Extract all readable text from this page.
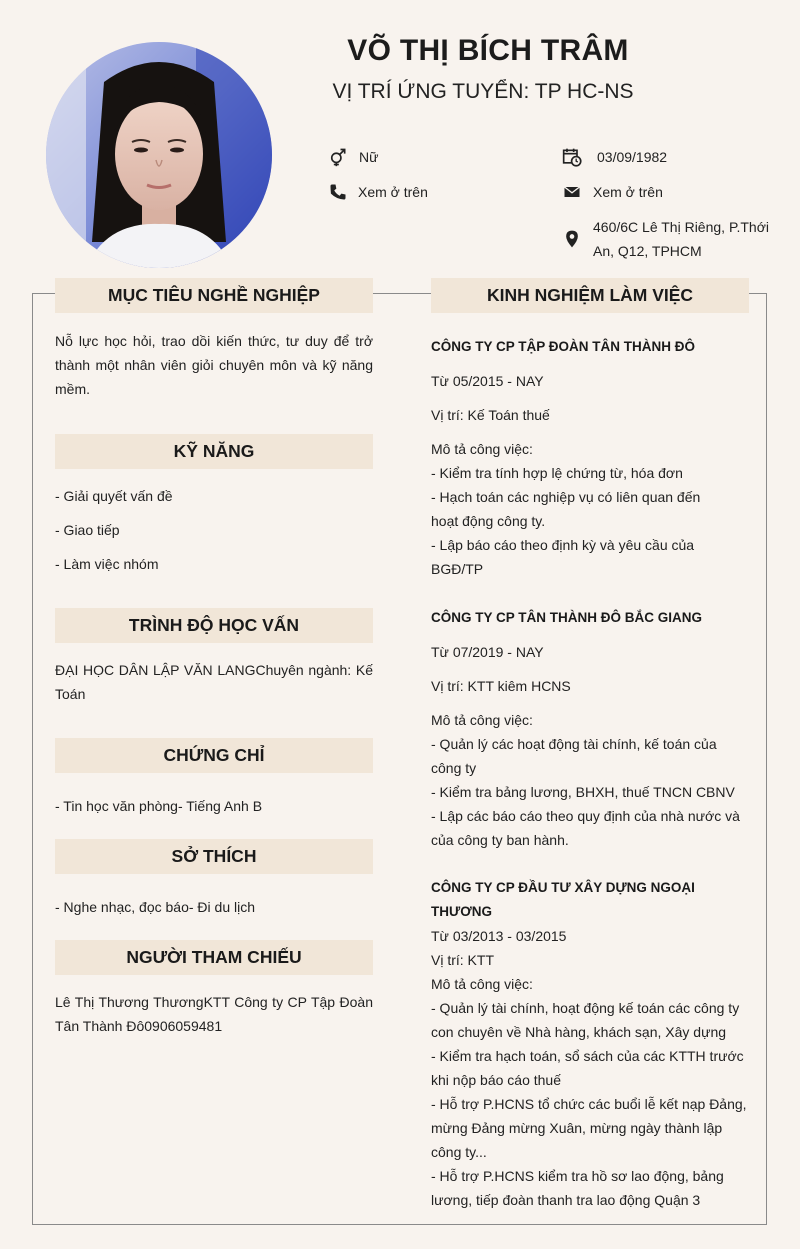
VÕ THỊ BÍCH TRÂM
VỊ TRÍ ỨNG TUYỂN: TP HC-NS
Nữ	03/09/1982
Xem ở trên	Xem ở trên
460/6C Lê Thị Riêng, P.Thới An, Q12, TPHCM
MỤC TIÊU NGHỀ NGHIỆP
Nỗ lực học hỏi, trao dồi kiến thức, tư duy để trở thành một nhân viên giỏi chuyên môn và kỹ năng mềm.
KỸ NĂNG
- Giải quyết vấn đề
- Giao tiếp
- Làm việc nhóm
TRÌNH ĐỘ HỌC VẤN
ĐẠI HỌC DÂN LẬP VĂN LANGChuyên ngành: Kế Toán
CHỨNG CHỈ
- Tin học văn phòng- Tiếng Anh B
SỞ THÍCH
- Nghe nhạc, đọc báo- Đi du lịch
NGƯỜI THAM CHIẾU
Lê Thị Thương ThươngKTT Công ty CP Tập Đoàn Tân Thành Đô0906059481
KINH NGHIỆM LÀM VIỆC
CÔNG TY CP TẬP ĐOÀN TÂN THÀNH ĐÔ
Từ 05/2015 - NAY
Vị trí: Kế Toán thuế
Mô tả công việc:
- Kiểm tra tính hợp lệ chứng từ, hóa đơn
- Hạch toán các nghiệp vụ có liên quan đến
hoạt động công ty.
- Lập báo cáo theo định kỳ và yêu cầu của BGĐ/TP
CÔNG TY CP TÂN THÀNH ĐÔ BẮC GIANG
Từ 07/2019 - NAY
Vị trí: KTT kiêm HCNS
Mô tả công việc:
- Quản lý các hoạt động tài chính, kế toán của công ty
- Kiểm tra bảng lương, BHXH, thuế TNCN CBNV
- Lập các báo cáo theo quy định của nhà nước và của công ty ban hành.
CÔNG TY CP ĐẦU TƯ XÂY DỰNG NGOẠI THƯƠNG
Từ 03/2013 - 03/2015
Vị trí: KTT
Mô tả công việc:
- Quản lý tài chính, hoạt động kế toán các công ty con chuyên về Nhà hàng, khách sạn, Xây dựng
- Kiểm tra hạch toán, sổ sách của các KTTH trước khi nộp báo cáo thuế
- Hỗ trợ P.HCNS tổ chức các buổi lễ kết nạp Đảng, mừng Đảng mừng Xuân, mừng ngày thành lập công ty...
- Hỗ trợ P.HCNS kiểm tra hồ sơ lao động, bảng lương, tiếp đoàn thanh tra lao động Quận 3
